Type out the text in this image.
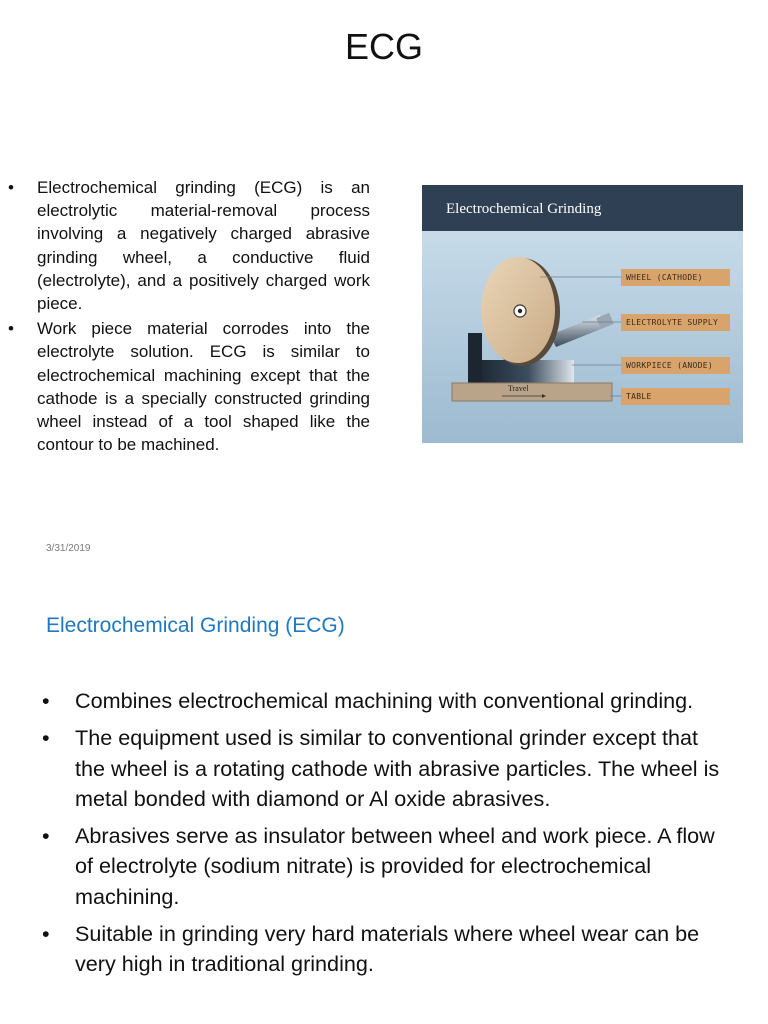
ECG
• Electrochemical grinding (ECG) is an electrolytic material-removal process involving a negatively charged abrasive grinding wheel, a conductive fluid (electrolyte), and a positively charged work piece.
• Work piece material corrodes into the electrolyte solution. ECG is similar to electrochemical machining except that the cathode is a specially constructed grinding wheel instead of a tool shaped like the contour to be machined.
Electrochemical Grinding
WHEEL (CATHODE)
ELECTROLYTE SUPPLY
WORKPIECE (ANODE)
TABLE
Travel
3/31/2019
Electrochemical Grinding (ECG)
• Combines electrochemical machining with conventional grinding.
• The equipment used is similar to conventional grinder except that the wheel is a rotating cathode with abrasive particles. The wheel is metal bonded with diamond or Al oxide abrasives.
• Abrasives serve as insulator between wheel and work piece. A flow of electrolyte (sodium nitrate) is provided for electrochemical machining.
• Suitable in grinding very hard materials where wheel wear can be very high in traditional grinding.
